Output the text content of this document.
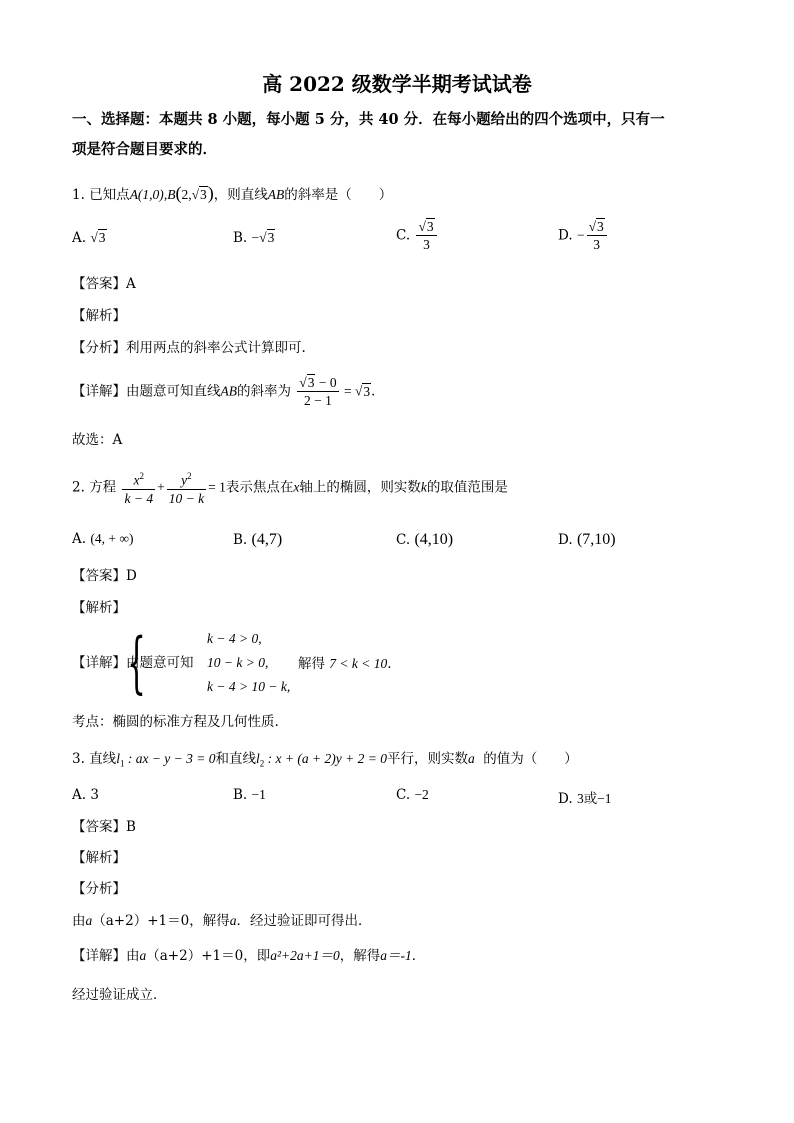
高 2022 级数学半期考试试卷
一、选择题：本题共 8 小题，每小题 5 分，共 40 分．在每小题给出的四个选项中，只有一
项是符合题目要求的．
1. 已知点A(1,0),B(2,√3)，则直线AB的斜率是（　　）
A. √3	B. −√3	C. $\frac{√3}{3}$	D. − $\frac{√3}{3}$
【答案】A
【解析】
【分析】利用两点的斜率公式计算即可.
【详解】由题意可知直线AB的斜率为 $\frac{√3 - 0}{2 - 1} = √3$．
故选：A
2. 方程 $\frac{x^2}{k - 4} + \frac{y^2}{10 - k} = 1$表示焦点在x轴上的椭圆，则实数k的取值范围是
A. (4, + ∞)	B. (4,7)	C. (4,10)	D. (7,10)
【答案】D
【解析】
【详解】由题意可知
{	k − 4 > 0,
10 − k > 0,
k − 4 > 10 − k,
解得 7 < k < 10.
考点：椭圆的标准方程及几何性质.
3. 直线$l_1$ : ax − y − 3 = 0和直线$l_2$ : x + (a + 2)y + 2 = 0平行，则实数a 的值为（　　）
A. 3	B. −1	C. −2	D. 3或−1
【答案】B
【解析】
【分析】
由a（a+2）+1＝0，解得a．经过验证即可得出．
【详解】由a（a+2）+1＝0，即a²+2a+1＝0，解得a＝-1．
经过验证成立．
